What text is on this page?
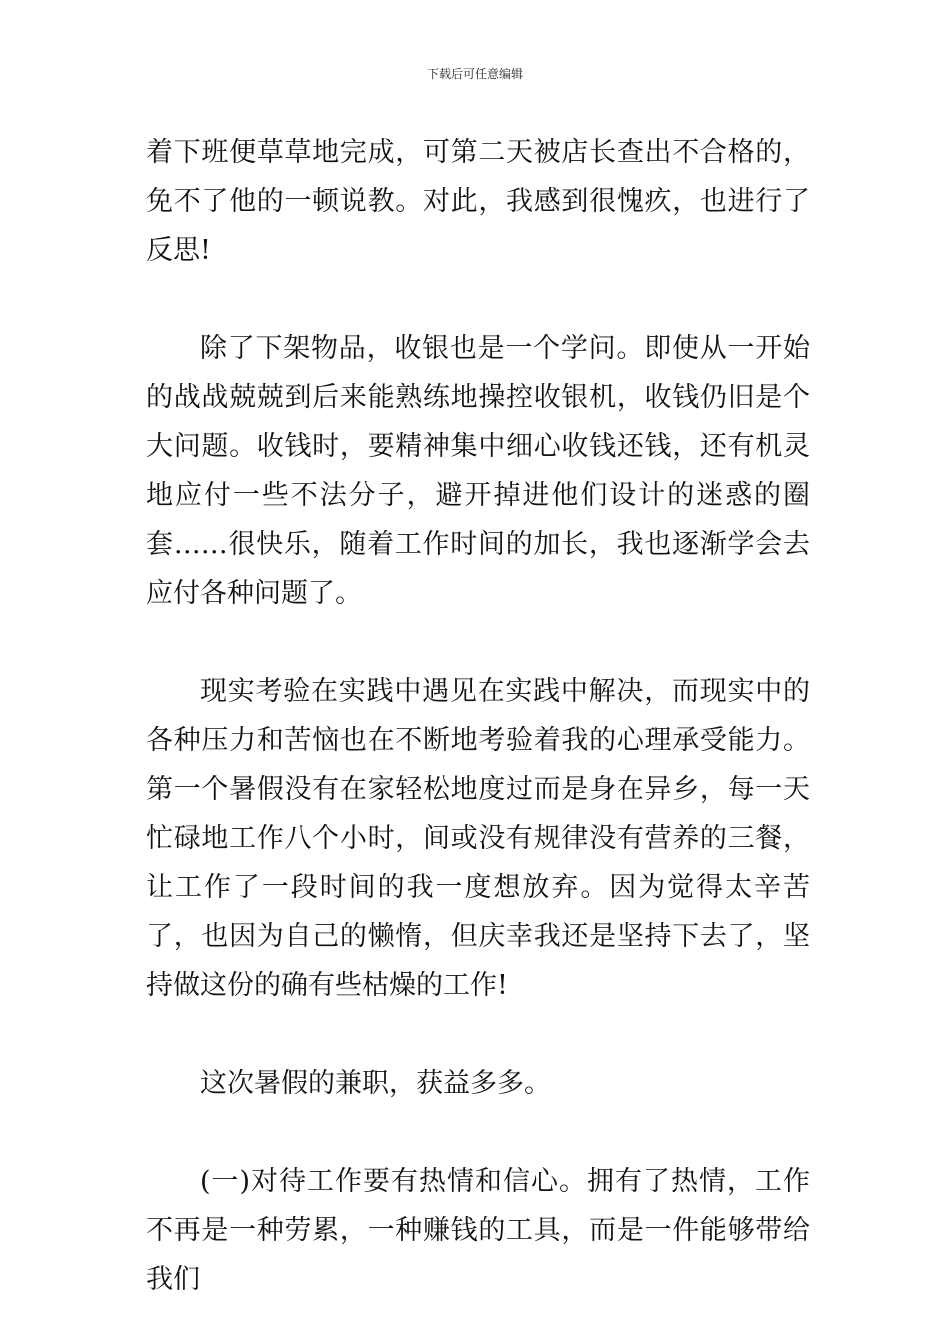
下载后可任意编辑

着下班便草草地完成，可第二天被店长查出不合格的，免不了他的一顿说教。对此，我感到很愧疚，也进行了反思!

除了下架物品，收银也是一个学问。即使从一开始的战战兢兢到后来能熟练地操控收银机，收钱仍旧是个大问题。收钱时，要精神集中细心收钱还钱，还有机灵地应付一些不法分子，避开掉进他们设计的迷惑的圈套……很快乐，随着工作时间的加长，我也逐渐学会去应付各种问题了。

现实考验在实践中遇见在实践中解决，而现实中的各种压力和苦恼也在不断地考验着我的心理承受能力。第一个暑假没有在家轻松地度过而是身在异乡，每一天忙碌地工作八个小时，间或没有规律没有营养的三餐，让工作了一段时间的我一度想放弃。因为觉得太辛苦了，也因为自己的懒惰，但庆幸我还是坚持下去了，坚持做这份的确有些枯燥的工作!

这次暑假的兼职，获益多多。

(一)对待工作要有热情和信心。拥有了热情，工作不再是一种劳累，一种赚钱的工具，而是一件能够带给我们
